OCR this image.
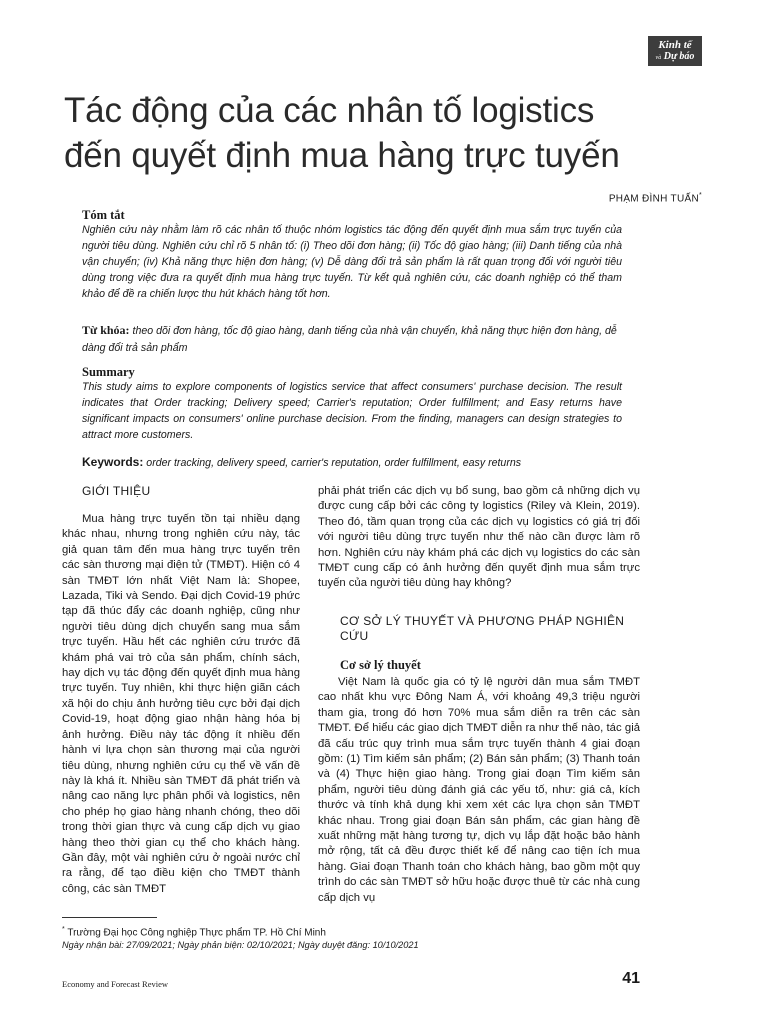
Kinh tế
và Dự báo
Tác động của các nhân tố logistics
đến quyết định mua hàng trực tuyến
PHẠM ĐÌNH TUẤN*
Tóm tắt
Nghiên cứu này nhằm làm rõ các nhân tố thuộc nhóm logistics tác động đến quyết định mua sắm trực tuyến của người tiêu dùng. Nghiên cứu chỉ rõ 5 nhân tố: (i) Theo dõi đơn hàng; (ii) Tốc độ giao hàng; (iii) Danh tiếng của nhà vận chuyển; (iv) Khả năng thực hiện đơn hàng; (v) Dễ dàng đổi trả sản phẩm là rất quan trọng đối với người tiêu dùng trong việc đưa ra quyết định mua hàng trực tuyến. Từ kết quả nghiên cứu, các doanh nghiệp có thể tham khảo để đề ra chiến lược thu hút khách hàng tốt hơn.
Từ khóa: theo dõi đơn hàng, tốc độ giao hàng, danh tiếng của nhà vận chuyển, khả năng thực hiện đơn hàng, dễ dàng đổi trả sản phẩm
Summary
This study aims to explore components of logistics service that affect consumers' purchase decision. The result indicates that Order tracking; Delivery speed; Carrier's reputation; Order fulfillment; and Easy returns have significant impacts on consumers' online purchase decision. From the finding, managers can design strategies to attract more customers.
Keywords: order tracking, delivery speed, carrier's reputation, order fulfillment, easy returns
GIỚI THIỆU

Mua hàng trực tuyến tồn tại nhiều dạng khác nhau, nhưng trong nghiên cứu này, tác giả quan tâm đến mua hàng trực tuyến trên các sàn thương mại điện tử (TMĐT). Hiện có 4 sàn TMĐT lớn nhất Việt Nam là: Shopee, Lazada, Tiki và Sendo. Đại dịch Covid-19 phức tạp đã thúc đẩy các doanh nghiệp, cũng như người tiêu dùng dịch chuyển sang mua sắm trực tuyến. Hầu hết các nghiên cứu trước đã khám phá vai trò của sản phẩm, chính sách, hay dịch vụ tác động đến quyết định mua hàng trực tuyến. Tuy nhiên, khi thực hiện giãn cách xã hội do chịu ảnh hưởng tiêu cực bởi đại dịch Covid-19, hoạt động giao nhận hàng hóa bị ảnh hưởng. Điều này tác động ít nhiều đến hành vi lựa chọn sàn thương mại của người tiêu dùng, nhưng nghiên cứu cụ thể về vấn đề này là khá ít. Nhiều sàn TMĐT đã phát triển và nâng cao năng lực phân phối và logistics, nên cho phép họ giao hàng nhanh chóng, theo dõi trong thời gian thực và cung cấp dịch vụ giao hàng theo thời gian cụ thể cho khách hàng. Gần đây, một vài nghiên cứu ở ngoài nước chỉ ra rằng, để tạo điều kiện cho TMĐT thành công, các sàn TMĐT

phải phát triển các dịch vụ bổ sung, bao gồm cả những dịch vụ được cung cấp bởi các công ty logistics (Riley và Klein, 2019). Theo đó, tầm quan trọng của các dịch vụ logistics có giá trị đối với người tiêu dùng trực tuyến như thế nào cần được làm rõ hơn. Nghiên cứu này khám phá các dịch vụ logistics do các sàn TMĐT cung cấp có ảnh hưởng đến quyết định mua sắm trực tuyến của người tiêu dùng hay không?

CƠ SỞ LÝ THUYẾT VÀ PHƯƠNG PHÁP NGHIÊN CỨU
Cơ sở lý thuyết

Việt Nam là quốc gia có tỷ lệ người dân mua sắm TMĐT cao nhất khu vực Đông Nam Á, với khoảng 49,3 triệu người tham gia, trong đó hơn 70% mua sắm diễn ra trên các sàn TMĐT. Để hiểu các giao dịch TMĐT diễn ra như thế nào, tác giả đã cấu trúc quy trình mua sắm trực tuyến thành 4 giai đoạn gồm: (1) Tìm kiếm sản phẩm; (2) Bán sản phẩm; (3) Thanh toán và (4) Thực hiện giao hàng. Trong giai đoạn Tìm kiếm sản phẩm, người tiêu dùng đánh giá các yếu tố, như: giá cả, kích thước và tính khả dụng khi xem xét các lựa chọn sản TMĐT khác nhau. Trong giai đoạn Bán sản phẩm, các gian hàng đề xuất những mặt hàng tương tự, dịch vụ lắp đặt hoặc bảo hành mở rộng, tất cả đều được thiết kế để nâng cao tiện ích mua hàng. Giai đoạn Thanh toán cho khách hàng, bao gồm một quy trình do các sàn TMĐT sở hữu hoặc được thuê từ các nhà cung cấp dịch vụ

* Trường Đại học Công nghiệp Thực phẩm TP. Hồ Chí Minh
Ngày nhận bài: 27/09/2021; Ngày phản biện: 02/10/2021; Ngày duyệt đăng: 10/10/2021
Economy and Forecast Review	41
